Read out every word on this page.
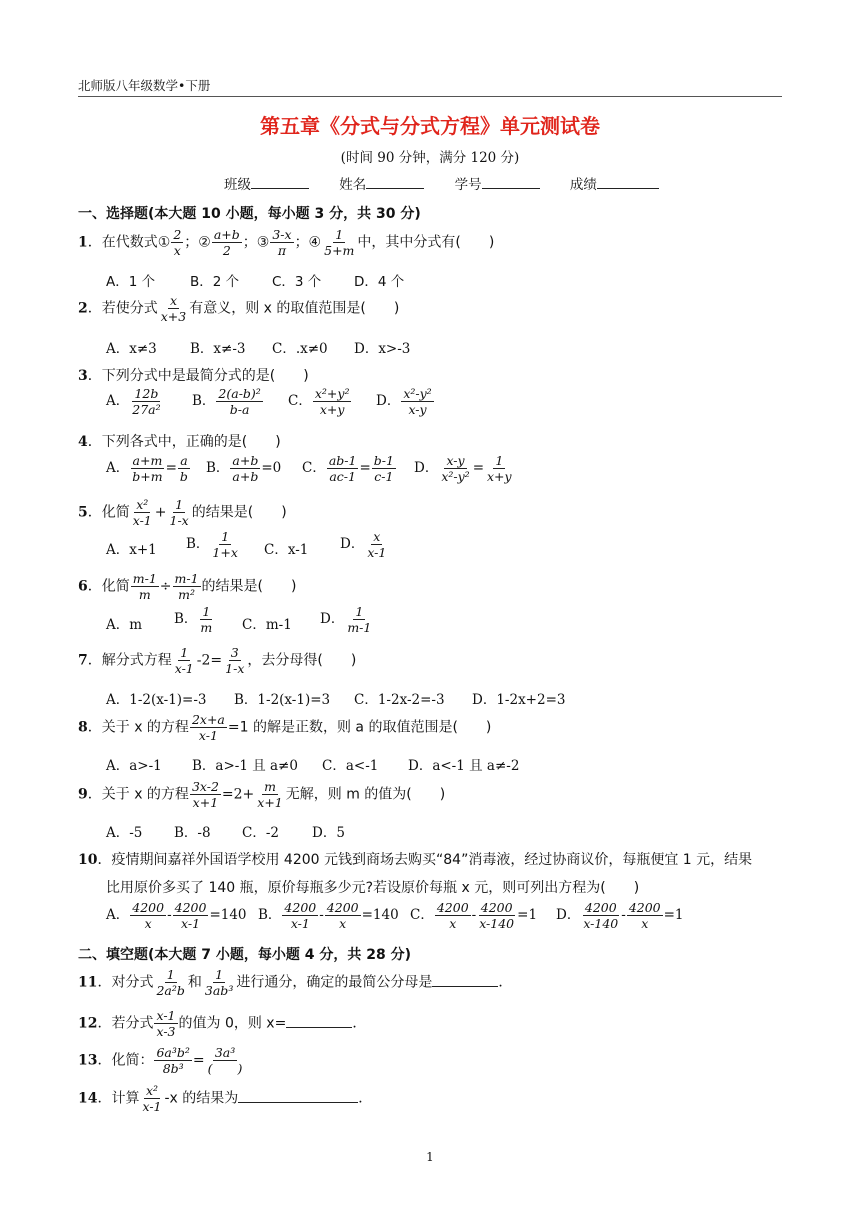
北师版八年级数学•下册
第五章《分式与分式方程》单元测试卷
(时间 90 分钟，满分 120 分)
班级	姓名	学号	成绩
一、选择题(本大题 10 小题，每小题 3 分，共 30 分)
1．在代数式① $\frac{2}{x}$ ；② $\frac{a+b}{2}$ ；③ $\frac{3-x}{\pi}$ ；④ $\frac{1}{5+m}$ 中，其中分式有(　　)
A．1 个	B．2 个 C．3 个 D．4 个
2．若使分式 $\frac{x}{x+3}$ 有意义，则 x 的取值范围是(　　)
A．x≠3 B．x≠-3 C．.x≠0 D．x>-3
3．下列分式中是最简分式的是(　　)
A． $\frac{12b}{\text{27a²}}$ B． $\frac{\text{2(a-b)²}}{b-a}$ C． $\frac{\text{x²+y²}}{x+y}$ D． $\frac{\text{x²-y²}}{x-y}$
4．下列各式中，正确的是(　　)
A． $\frac{a+m}{b+m} = \frac{a}{b}$ B． $\frac{a+b}{a+b} =0$ C． $\frac{ab-1}{ac-1} = \frac{b-1}{c-1}$ D． $\frac{x-y}{\text{x²-y²}} = \frac{1}{x+y}$
5．化简 $\frac{\text{x²}}{x-1} + \frac{1}{1-x}$ 的结果是(　　)
A．x+1 B． $\frac{1}{1+x}$ C．x-1 D． $\frac{x}{x-1}$
6．化简 $\frac{m-1}{m} \div \frac{m-1}{\text{m²}}$ 的结果是(　　)
A．m B． $\frac{1}{m}$ C．m-1 D． $\frac{1}{m-1}$
7．解分式方程 $\frac{1}{x-1} -2= \frac{3}{1-x}$ ，去分母得(　　)
A．1-2(x-1)=-3 B．1-2(x-1)=3 C．1-2x-2=-3 D．1-2x+2=3
8．关于 x 的方程 $\frac{2x+a}{x-1} =1$ 的解是正数，则 a 的取值范围是(　　)
A．a>-1 B．a>-1 且 a≠0 C．a<-1 D．a<-1 且 a≠-2
9．关于 x 的方程 $\frac{3x-2}{x+1} =2+ \frac{m}{x+1}$ 无解，则 m 的值为(　　)
A．-5 B．-8 C．-2 D．5
10．疫情期间嘉祥外国语学校用 4200 元钱到商场去购买“84”消毒液，经过协商议价，每瓶便宜 1 元，结果
比用原价多买了 140 瓶，原价每瓶多少元?若设原价每瓶 x 元，则可列出方程为(　　)
A． $\frac{4200}{x} - \frac{4200}{x-1} =140$ B． $\frac{4200}{x-1} - \frac{4200}{x} =140$ C． $\frac{4200}{x} - \frac{4200}{x-140} =1$ D． $\frac{4200}{x-140} - \frac{4200}{x} =1$
二、填空题(本大题 7 小题，每小题 4 分，共 28 分)
11．对分式 $\frac{1}{\text{2a²b}}$ 和 $\frac{1}{\text{3ab³}}$ 进行通分，确定的最简公分母是	．
12．若分式 $\frac{x-1}{x-3}$ 的值为 0，则 x=	．
13．化简： $\frac{\text{6a³b²}}{\text{8b³}} = \frac{\text{3a³}}{( )}$
14．计算 $\frac{\text{x²}}{x-1} -x$ 的结果为	．
1
